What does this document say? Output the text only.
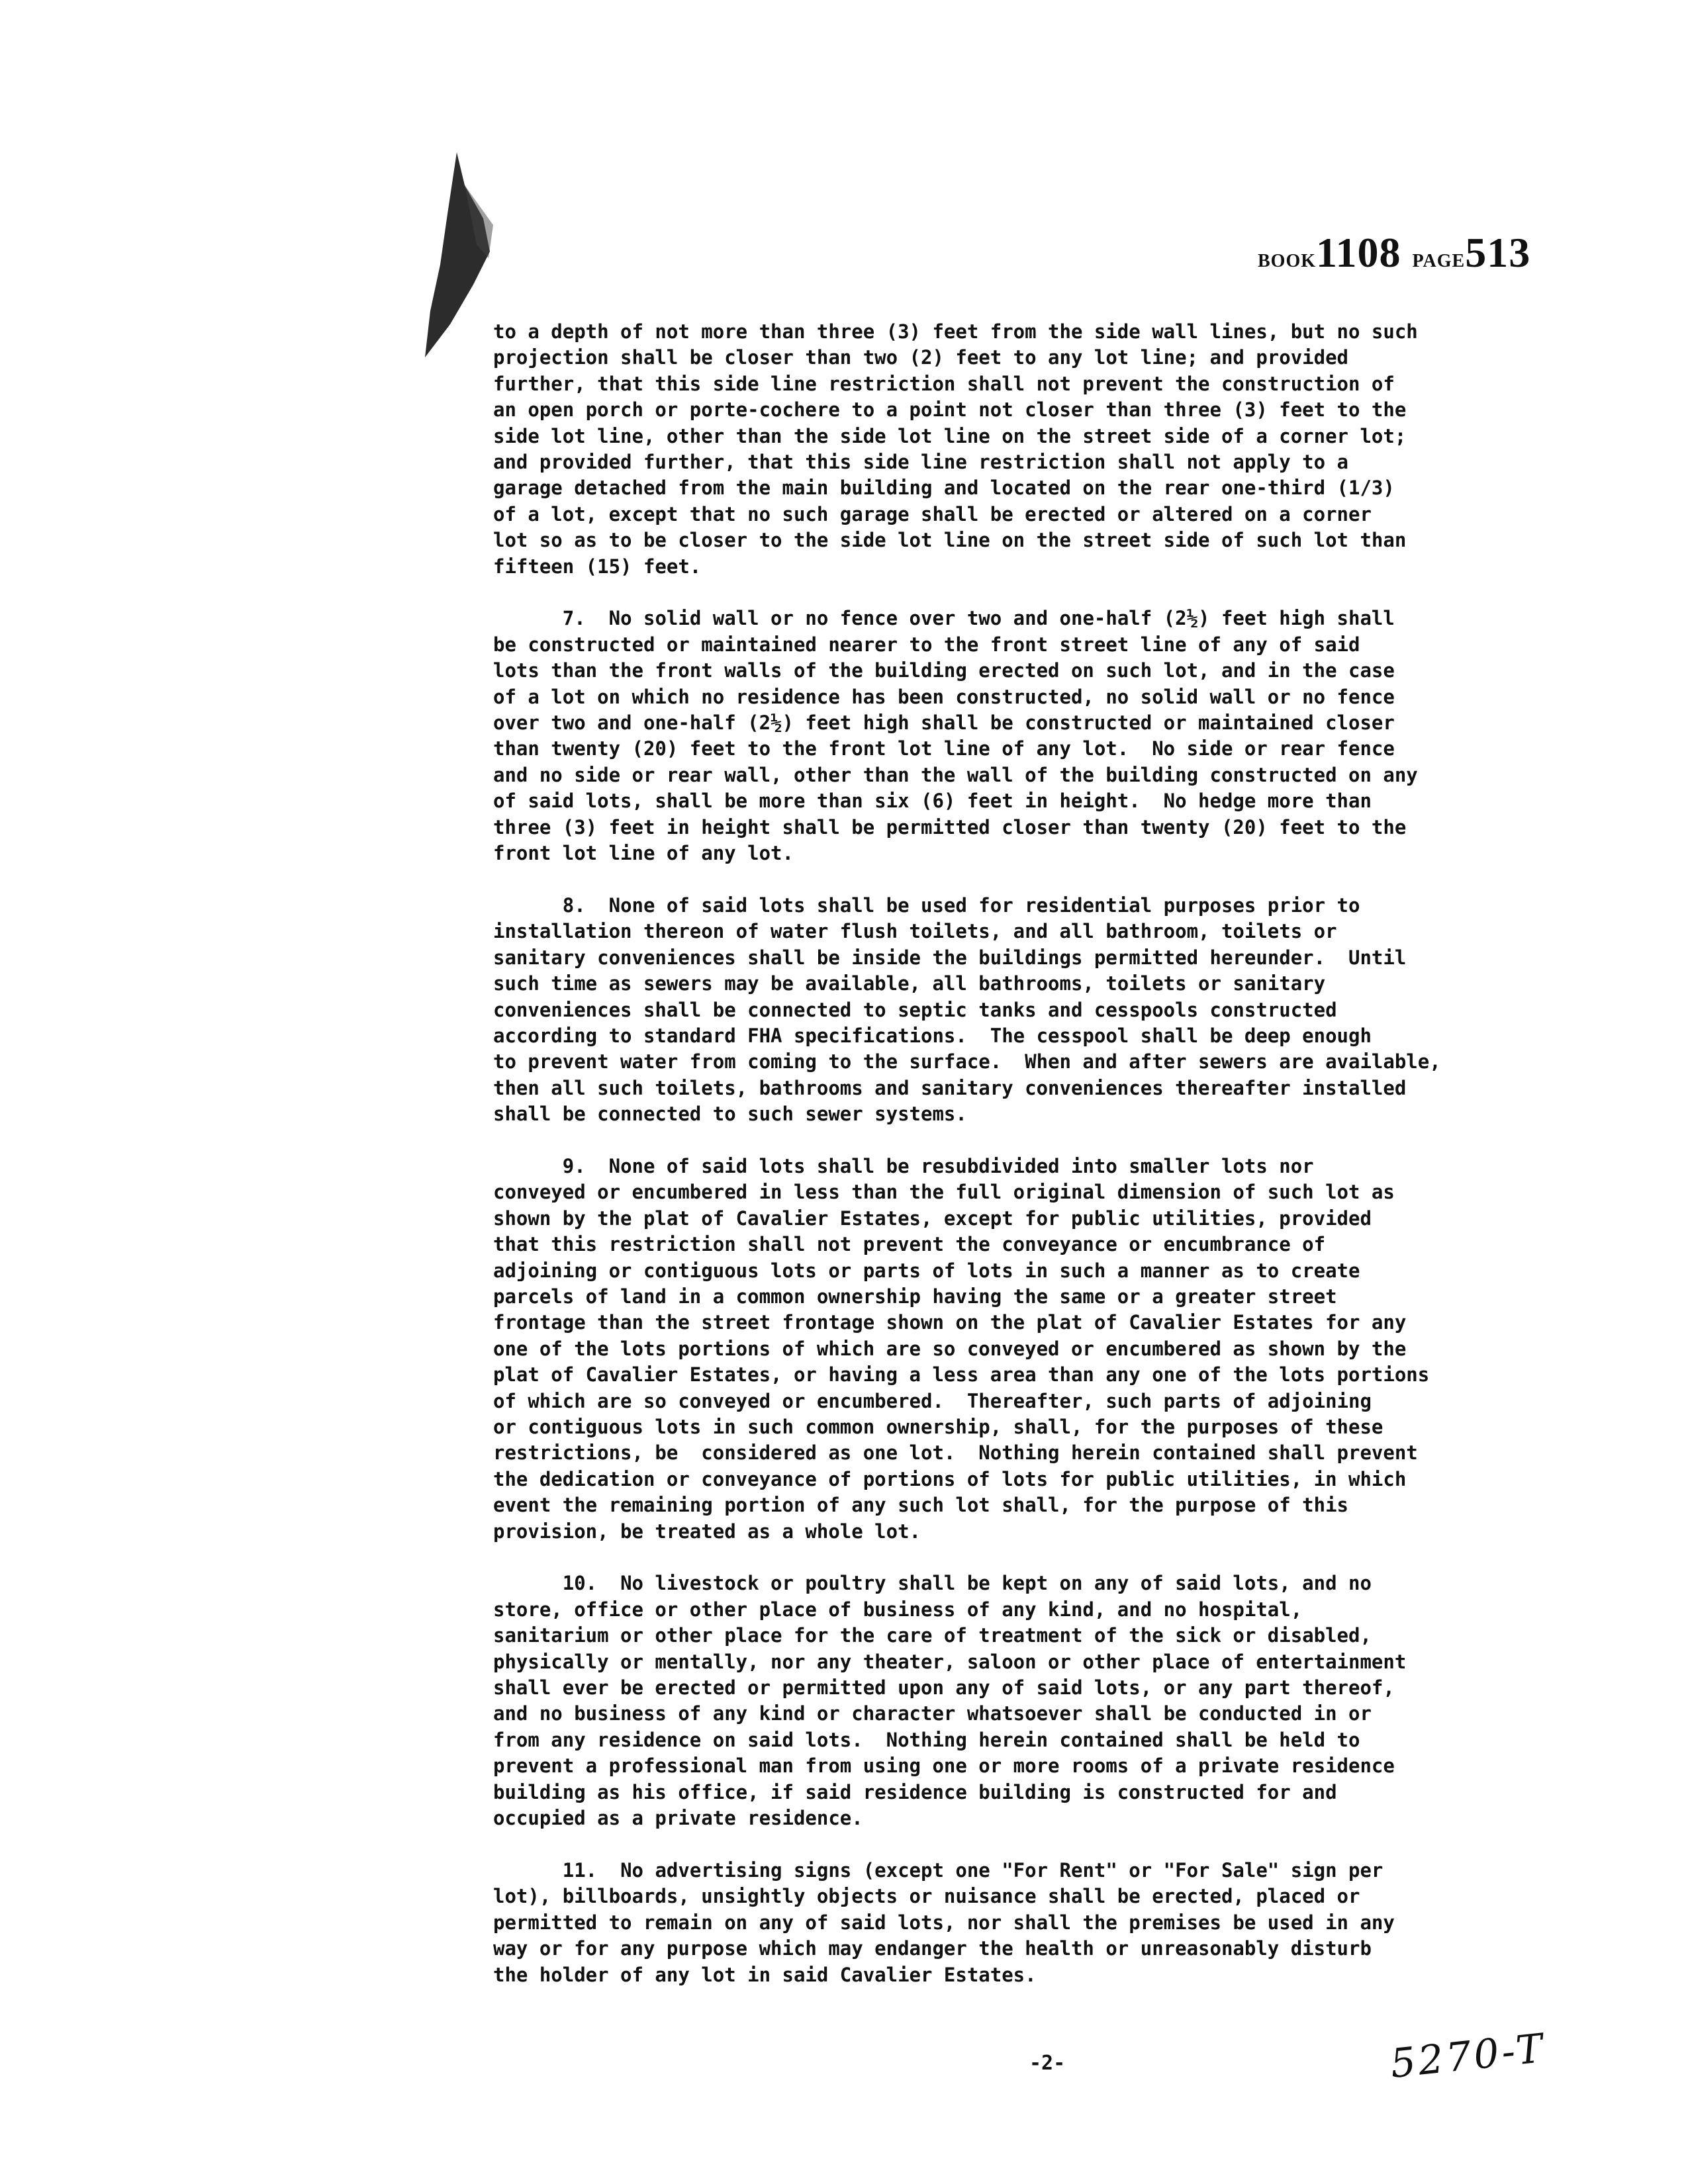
BOOK1108 PAGE513

to a depth of not more than three (3) feet from the side wall lines, but no such
projection shall be closer than two (2) feet to any lot line; and provided
further, that this side line restriction shall not prevent the construction of
an open porch or porte-cochere to a point not closer than three (3) feet to the
side lot line, other than the side lot line on the street side of a corner lot;
and provided further, that this side line restriction shall not apply to a
garage detached from the main building and located on the rear one-third (1/3)
of a lot, except that no such garage shall be erected or altered on a corner
lot so as to be closer to the side lot line on the street side of such lot than
fifteen (15) feet.

7.  No solid wall or no fence over two and one-half (2½) feet high shall
be constructed or maintained nearer to the front street line of any of said
lots than the front walls of the building erected on such lot, and in the case
of a lot on which no residence has been constructed, no solid wall or no fence
over two and one-half (2½) feet high shall be constructed or maintained closer
than twenty (20) feet to the front lot line of any lot.  No side or rear fence
and no side or rear wall, other than the wall of the building constructed on any
of said lots, shall be more than six (6) feet in height.  No hedge more than
three (3) feet in height shall be permitted closer than twenty (20) feet to the
front lot line of any lot.

8.  None of said lots shall be used for residential purposes prior to
installation thereon of water flush toilets, and all bathroom, toilets or
sanitary conveniences shall be inside the buildings permitted hereunder.  Until
such time as sewers may be available, all bathrooms, toilets or sanitary
conveniences shall be connected to septic tanks and cesspools constructed
according to standard FHA specifications.  The cesspool shall be deep enough
to prevent water from coming to the surface.  When and after sewers are available,
then all such toilets, bathrooms and sanitary conveniences thereafter installed
shall be connected to such sewer systems.

9.  None of said lots shall be resubdivided into smaller lots nor
conveyed or encumbered in less than the full original dimension of such lot as
shown by the plat of Cavalier Estates, except for public utilities, provided
that this restriction shall not prevent the conveyance or encumbrance of
adjoining or contiguous lots or parts of lots in such a manner as to create
parcels of land in a common ownership having the same or a greater street
frontage than the street frontage shown on the plat of Cavalier Estates for any
one of the lots portions of which are so conveyed or encumbered as shown by the
plat of Cavalier Estates, or having a less area than any one of the lots portions
of which are so conveyed or encumbered.  Thereafter, such parts of adjoining
or contiguous lots in such common ownership, shall, for the purposes of these
restrictions, be  considered as one lot.  Nothing herein contained shall prevent
the dedication or conveyance of portions of lots for public utilities, in which
event the remaining portion of any such lot shall, for the purpose of this
provision, be treated as a whole lot.

10.  No livestock or poultry shall be kept on any of said lots, and no
store, office or other place of business of any kind, and no hospital,
sanitarium or other place for the care of treatment of the sick or disabled,
physically or mentally, nor any theater, saloon or other place of entertainment
shall ever be erected or permitted upon any of said lots, or any part thereof,
and no business of any kind or character whatsoever shall be conducted in or
from any residence on said lots.  Nothing herein contained shall be held to
prevent a professional man from using one or more rooms of a private residence
building as his office, if said residence building is constructed for and
occupied as a private residence.

11.  No advertising signs (except one "For Rent" or "For Sale" sign per
lot), billboards, unsightly objects or nuisance shall be erected, placed or
permitted to remain on any of said lots, nor shall the premises be used in any
way or for any purpose which may endanger the health or unreasonably disturb
the holder of any lot in said Cavalier Estates.

-2-	5270-T
